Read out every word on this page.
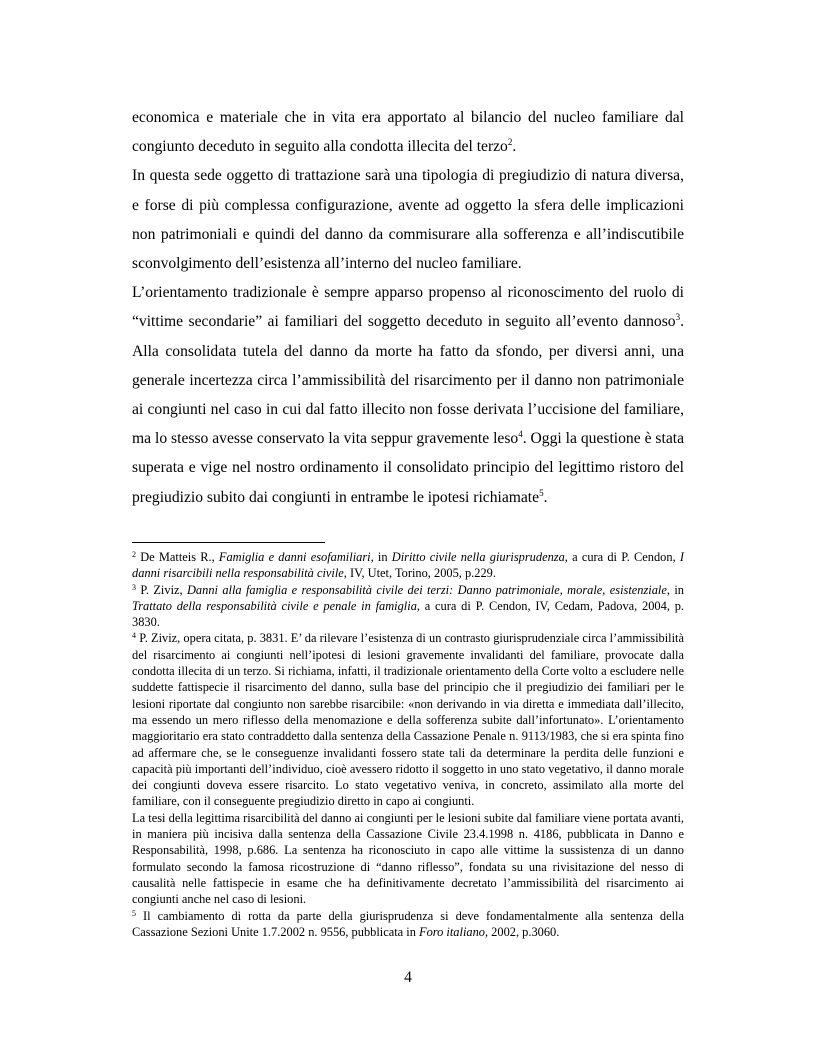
economica e materiale che in vita era apportato al bilancio del nucleo familiare dal congiunto deceduto in seguito alla condotta illecita del terzo$^2$.

In questa sede oggetto di trattazione sarà una tipologia di pregiudizio di natura diversa, e forse di più complessa configurazione, avente ad oggetto la sfera delle implicazioni non patrimoniali e quindi del danno da commisurare alla sofferenza e all’indiscutibile sconvolgimento dell’esistenza all’interno del nucleo familiare.

L’orientamento tradizionale è sempre apparso propenso al riconoscimento del ruolo di “vittime secondarie” ai familiari del soggetto deceduto in seguito all’evento dannoso$^3$. Alla consolidata tutela del danno da morte ha fatto da sfondo, per diversi anni, una generale incertezza circa l’ammissibilità del risarcimento per il danno non patrimoniale ai congiunti nel caso in cui dal fatto illecito non fosse derivata l’uccisione del familiare, ma lo stesso avesse conservato la vita seppur gravemente leso$^4$. Oggi la questione è stata superata e vige nel nostro ordinamento il consolidato principio del legittimo ristoro del pregiudizio subito dai congiunti in entrambe le ipotesi richiamate$^5$.

$^2$ De Matteis R., Famiglia e danni esofamiliari, in Diritto civile nella giurisprudenza, a cura di P. Cendon, I danni risarcibili nella responsabilità civile, IV, Utet, Torino, 2005, p.229.

$^3$ P. Ziviz, Danni alla famiglia e responsabilità civile dei terzi: Danno patrimoniale, morale, esistenziale, in Trattato della responsabilità civile e penale in famiglia, a cura di P. Cendon, IV, Cedam, Padova, 2004, p. 3830.

$^4$ P. Ziviz, opera citata, p. 3831. E’ da rilevare l’esistenza di un contrasto giurisprudenziale circa l’ammissibilità del risarcimento ai congiunti nell’ipotesi di lesioni gravemente invalidanti del familiare, provocate dalla condotta illecita di un terzo. Si richiama, infatti, il tradizionale orientamento della Corte volto a escludere nelle suddette fattispecie il risarcimento del danno, sulla base del principio che il pregiudizio dei familiari per le lesioni riportate dal congiunto non sarebbe risarcibile: «non derivando in via diretta e immediata dall’illecito, ma essendo un mero riflesso della menomazione e della sofferenza subite dall’infortunato». L’orientamento maggioritario era stato contraddetto dalla sentenza della Cassazione Penale n. 9113/1983, che si era spinta fino ad affermare che, se le conseguenze invalidanti fossero state tali da determinare la perdita delle funzioni e capacità più importanti dell’individuo, cioè avessero ridotto il soggetto in uno stato vegetativo, il danno morale dei congiunti doveva essere risarcito. Lo stato vegetativo veniva, in concreto, assimilato alla morte del familiare, con il conseguente pregiudizio diretto in capo ai congiunti.

La tesi della legittima risarcibilità del danno ai congiunti per le lesioni subite dal familiare viene portata avanti, in maniera più incisiva dalla sentenza della Cassazione Civile 23.4.1998 n. 4186, pubblicata in Danno e Responsabilità, 1998, p.686. La sentenza ha riconosciuto in capo alle vittime la sussistenza di un danno formulato secondo la famosa ricostruzione di “danno riflesso”, fondata su una rivisitazione del nesso di causalità nelle fattispecie in esame che ha definitivamente decretato l’ammissibilità del risarcimento ai congiunti anche nel caso di lesioni.

$^5$ Il cambiamento di rotta da parte della giurisprudenza si deve fondamentalmente alla sentenza della Cassazione Sezioni Unite 1.7.2002 n. 9556, pubblicata in Foro italiano, 2002, p.3060.

4
